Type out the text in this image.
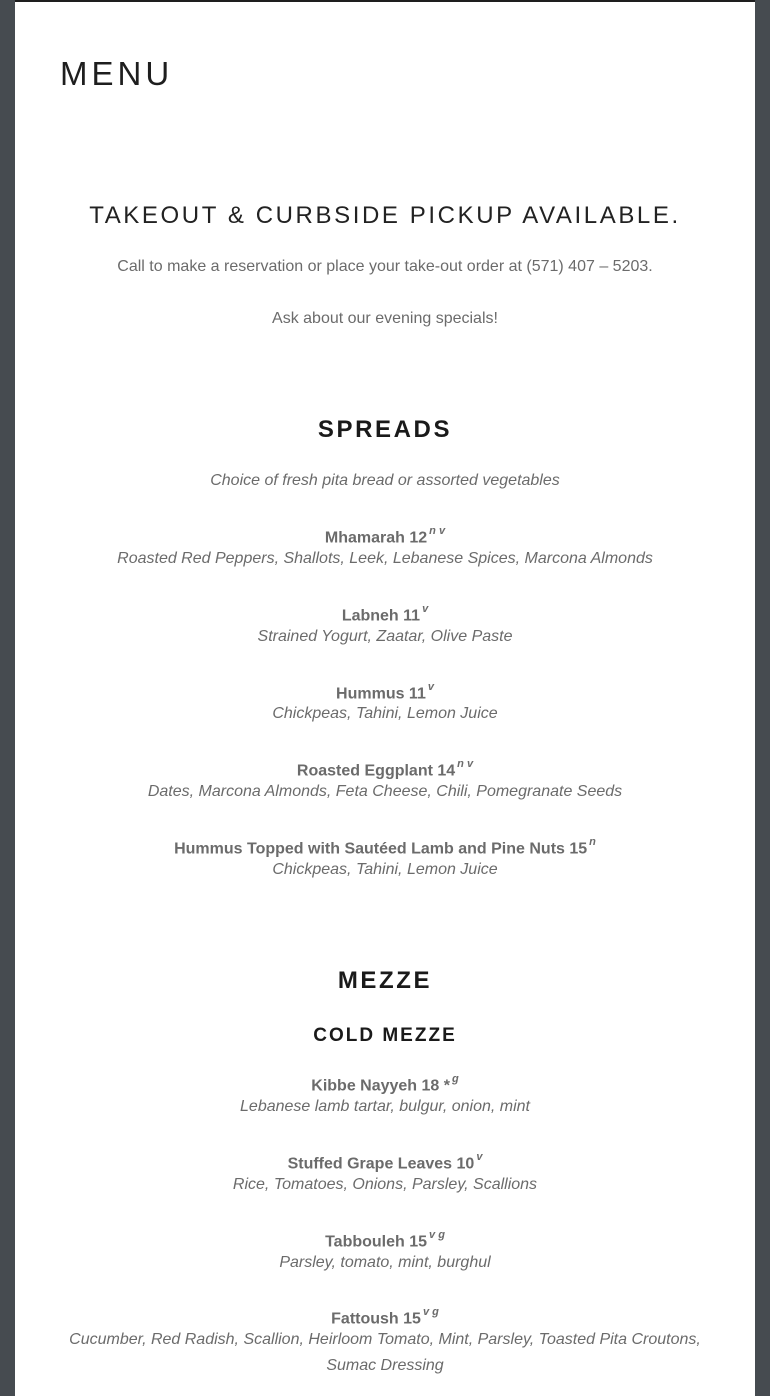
MENU
TAKEOUT & CURBSIDE PICKUP AVAILABLE.

Call to make a reservation or place your take-out order at (571) 407 – 5203.

Ask about our evening specials!

SPREADS

Choice of fresh pita bread or assorted vegetables

Mhamarah 12 $^{n v}$
Roasted Red Peppers, Shallots, Leek, Lebanese Spices, Marcona Almonds
Labneh 11 $^v$
Strained Yogurt, Zaatar, Olive Paste
Hummus 11 $^v$
Chickpeas, Tahini, Lemon Juice
Roasted Eggplant 14 $^{n v}$
Dates, Marcona Almonds, Feta Cheese, Chili, Pomegranate Seeds
Hummus Topped with Sautéed Lamb and Pine Nuts 15 $^n$
Chickpeas, Tahini, Lemon Juice
MEZZE
COLD MEZZE
Kibbe Nayyeh 18 * $^g$
Lebanese lamb tartar, bulgur, onion, mint
Stuffed Grape Leaves 10 $^v$
Rice, Tomatoes, Onions, Parsley, Scallions
Tabbouleh 15 $^{v g}$
Parsley, tomato, mint, burghul
Fattoush 15 $^{v g}$
Cucumber, Red Radish, Scallion, Heirloom Tomato, Mint, Parsley, Toasted Pita Croutons, Sumac Dressing
